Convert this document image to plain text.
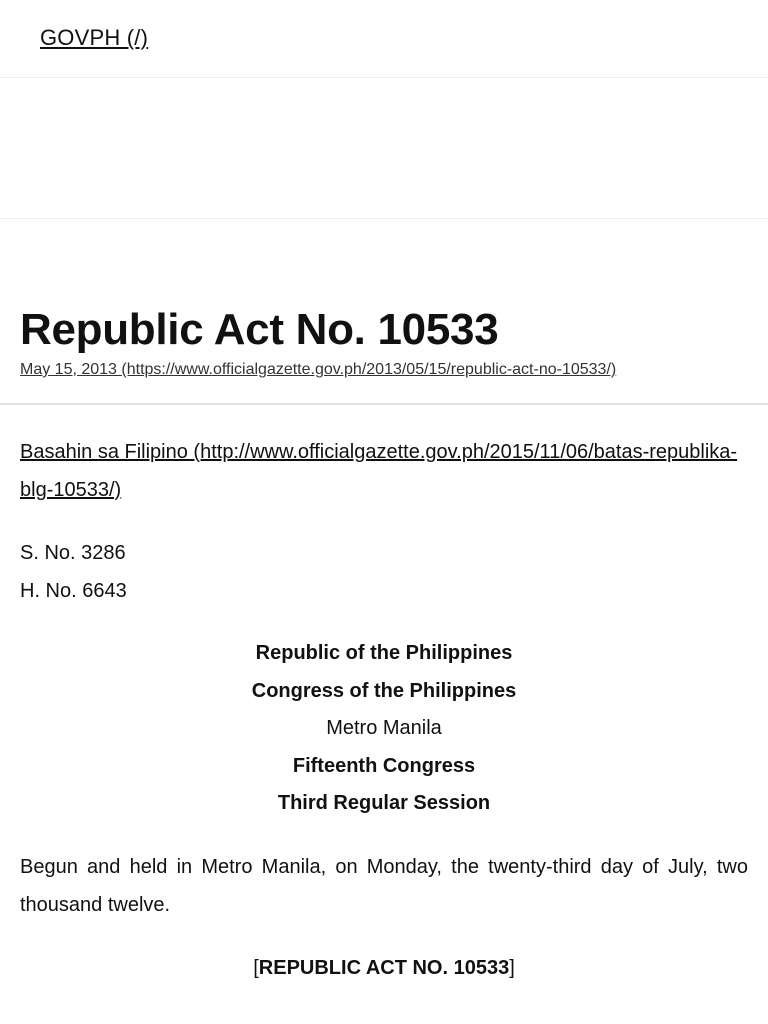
GOVPH (/)
Republic Act No. 10533
May 15, 2013 (https://www.officialgazette.gov.ph/2013/05/15/republic-act-no-10533/)

Basahin sa Filipino (http://www.officialgazette.gov.ph/2015/11/06/batas-republika-blg-10533/)

S. No. 3286
H. No. 6643
Republic of the Philippines
Congress of the Philippines
Metro Manila
Fifteenth Congress
Third Regular Session

Begun and held in Metro Manila, on Monday, the twenty-third day of July, two thousand twelve.

[REPUBLIC ACT NO. 10533]
